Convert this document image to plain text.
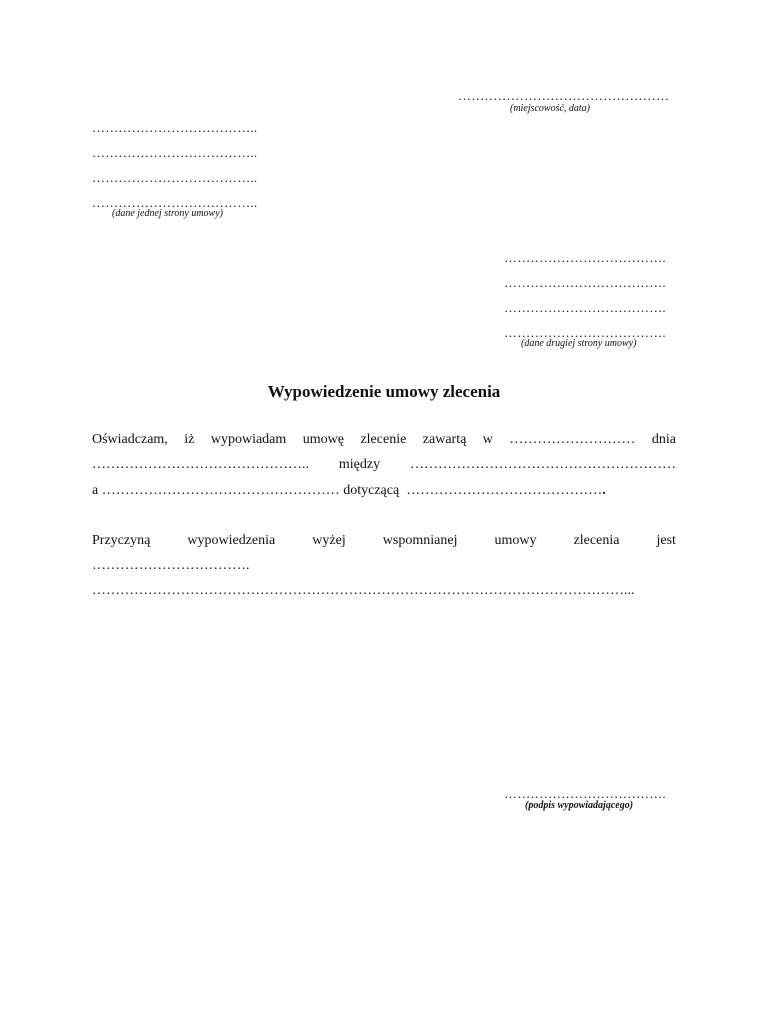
…………………………………………
(miejscowość, data)
………………………………..
………………………………..
………………………………..
………………………………..
(dane jednej strony umowy)
……………………………….
……………………………….
……………………………….
……………………………….
(dane drugiej strony umowy)
Wypowiedzenie umowy zlecenia
Oświadczam, iż wypowiadam umowę zlecenie zawartą w ……………………… dnia
……………………………………….. między …………………………………………………
a …………………………………………… dotyczącą …………………………………….
Przyczyną	wypowiedzenia	wyżej	wspomnianej	umowy	zlecenia	jest
…………………………….
……………………………………………………………………………………………………...
……………………………….
(podpis wypowiadającego)
